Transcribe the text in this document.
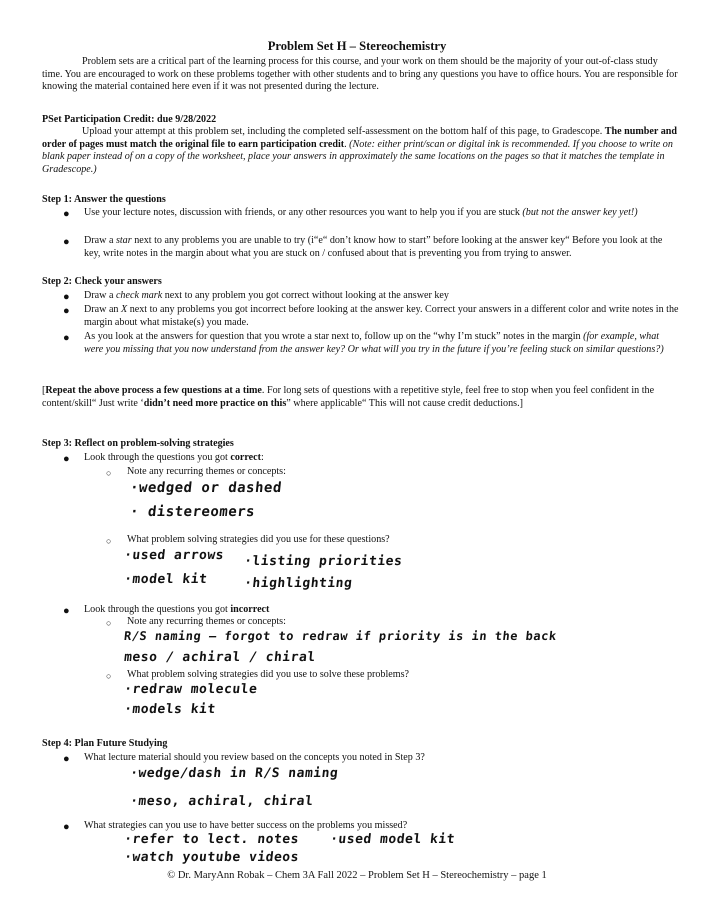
Problem Set H – Stereochemistry

Problem sets are a critical part of the learning process for this course, and your work on them should be the majority of your out-of-class study time. You are encouraged to work on these problems together with other students and to bring any questions you have to office hours. You are responsible for knowing the material contained here even if it was not presented during the lecture.

PSet Participation Credit: due 9/28/2022

Upload your attempt at this problem set, including the completed self-assessment on the bottom half of this page, to Gradescope. The number and order of pages must match the original file to earn participation credit. (Note: either print/scan or digital ink is recommended. If you choose to write on blank paper instead of on a copy of the worksheet, place your answers in approximately the same locations on the pages so that it matches the template in Gradescope.)

Step 1: Answer the questions
● Use your lecture notes, discussion with friends, or any other resources you want to help you if you are stuck (but not the answer key yet!)
● Draw a star next to any problems you are unable to try (i“e“ don’t know how to start” before looking at the answer key“ Before you look at the key, write notes in the margin about what you are stuck on / confused about that is preventing you from trying to answer.
Step 2: Check your answers
● Draw a check mark next to any problem you got correct without looking at the answer key
● Draw an X next to any problems you got incorrect before looking at the answer key. Correct your answers in a different color and write notes in the margin about what mistake(s) you made.
● As you look at the answers for question that you wrote a star next to, follow up on the “why I’m stuck” notes in the margin (for example, what were you missing that you now understand from the answer key? Or what will you try in the future if you’re feeling stuck on similar questions?)
[Repeat the above process a few questions at a time. For long sets of questions with a repetitive style, feel free to stop when you feel confident in the content/skill“ Just write ‘didn’t need more practice on this” where applicable“ This will not cause credit deductions.]
Step 3: Reflect on problem-solving strategies
● Look through the questions you got correct:
○ Note any recurring themes or concepts:
·wedged or dashed
· distereomers
○ What problem solving strategies did you use for these questions?
·used arrows ·listing priorities
·model kit	·highlighting
● Look through the questions you got incorrect
○ Note any recurring themes or concepts:
R/S naming – forgot to redraw if priority is in the back
meso / achiral / chiral
○ What problem solving strategies did you use to solve these problems?
·redraw molecule
·models kit
Step 4: Plan Future Studying
● What lecture material should you review based on the concepts you noted in Step 3?
·wedge/dash in R/S naming
·meso, achiral, chiral
● What strategies can you use to have better success on the problems you missed?
·refer to lect. notes ·used model kit
·watch youtube videos
© Dr. MaryAnn Robak – Chem 3A Fall 2022 – Problem Set H – Stereochemistry – page 1
